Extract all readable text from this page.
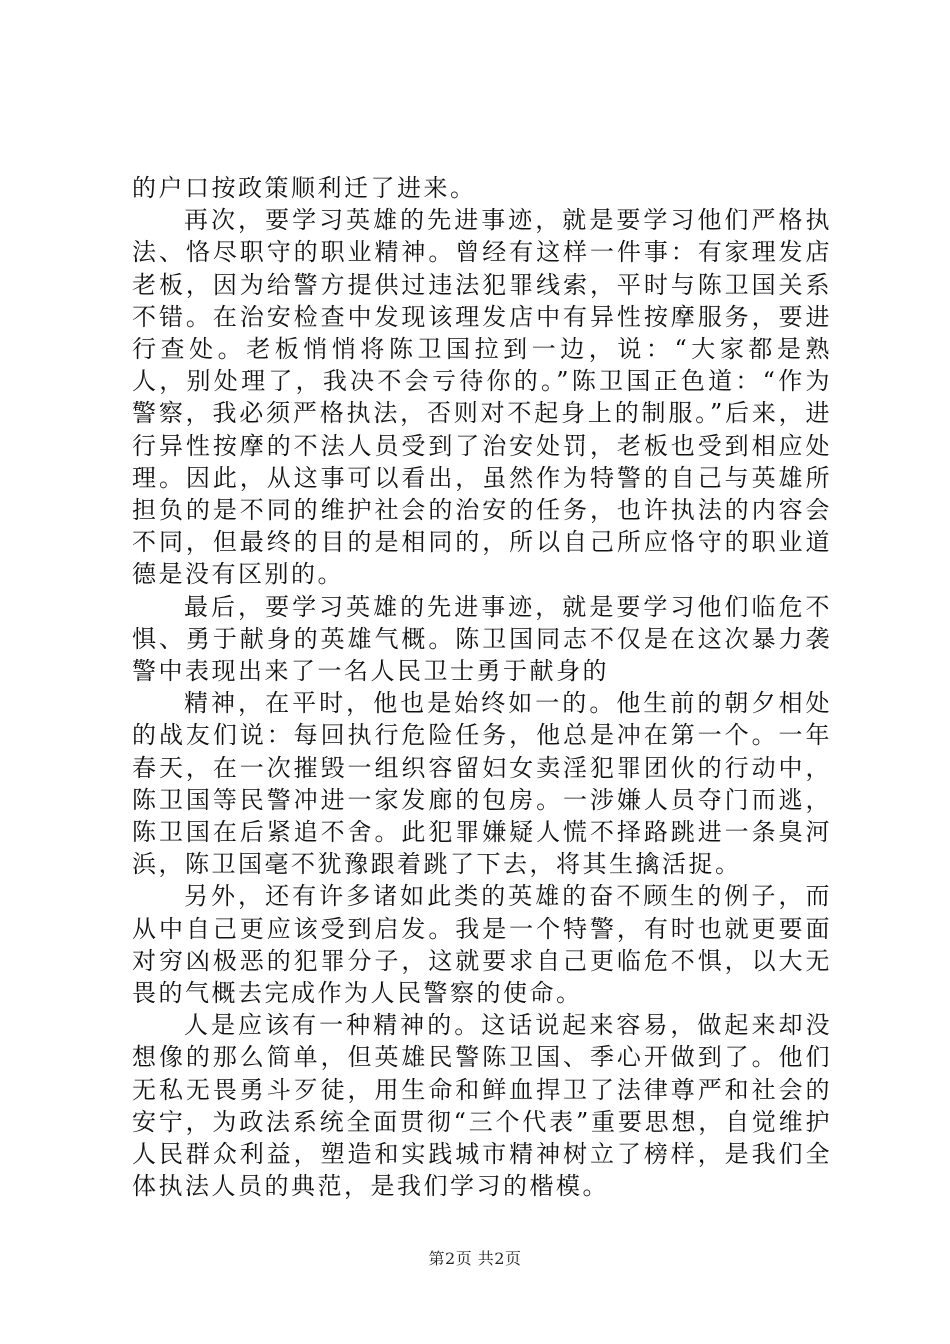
的户口按政策顺利迁了进来。

再次，要学习英雄的先进事迹，就是要学习他们严格执法、恪尽职守的职业精神。曾经有这样一件事：有家理发店老板，因为给警方提供过违法犯罪线索，平时与陈卫国关系不错。在治安检查中发现该理发店中有异性按摩服务，要进行查处。老板悄悄将陈卫国拉到一边，说：“大家都是熟人，别处理了，我决不会亏待你的。”陈卫国正色道：“作为警察，我必须严格执法，否则对不起身上的制服。”后来，进行异性按摩的不法人员受到了治安处罚，老板也受到相应处理。因此，从这事可以看出，虽然作为特警的自己与英雄所担负的是不同的维护社会的治安的任务，也许执法的内容会不同，但最终的目的是相同的，所以自己所应恪守的职业道德是没有区别的。

最后，要学习英雄的先进事迹，就是要学习他们临危不惧、勇于献身的英雄气概。陈卫国同志不仅是在这次暴力袭警中表现出来了一名人民卫士勇于献身的

精神，在平时，他也是始终如一的。他生前的朝夕相处的战友们说：每回执行危险任务，他总是冲在第一个。一年春天，在一次摧毁一组织容留妇女卖淫犯罪团伙的行动中，陈卫国等民警冲进一家发廊的包房。一涉嫌人员夺门而逃，陈卫国在后紧追不舍。此犯罪嫌疑人慌不择路跳进一条臭河浜，陈卫国毫不犹豫跟着跳了下去，将其生擒活捉。

另外，还有许多诸如此类的英雄的奋不顾生的例子，而从中自己更应该受到启发。我是一个特警，有时也就更要面对穷凶极恶的犯罪分子，这就要求自己更临危不惧，以大无畏的气概去完成作为人民警察的使命。

人是应该有一种精神的。这话说起来容易，做起来却没想像的那么简单，但英雄民警陈卫国、季心开做到了。他们无私无畏勇斗歹徒，用生命和鲜血捍卫了法律尊严和社会的安宁，为政法系统全面贯彻“三个代表”重要思想，自觉维护人民群众利益，塑造和实践城市精神树立了榜样，是我们全体执法人员的典范，是我们学习的楷模。

第2页 共2页
